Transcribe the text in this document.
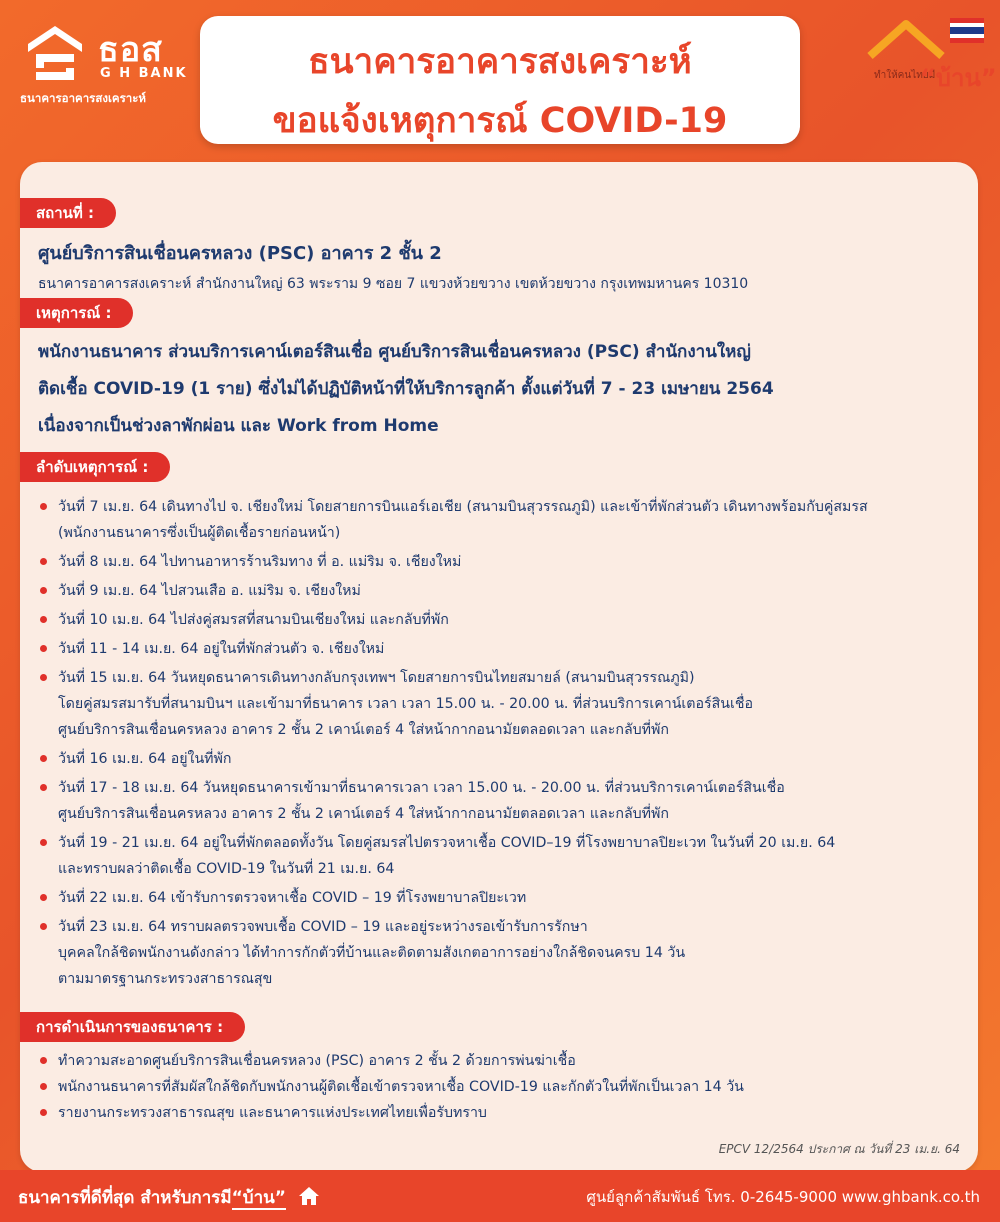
ธอส
G H BANK
ธนาคารอาคารสงเคราะห์
ธนาคารอาคารสงเคราะห์
ขอแจ้งเหตุการณ์ COVID-19
ทำให้คนไทยมี
“บ้าน”
สถานที่ :
ศูนย์บริการสินเชื่อนครหลวง (PSC) อาคาร 2 ชั้น 2
ธนาคารอาคารสงเคราะห์ สำนักงานใหญ่ 63 พระราม 9 ซอย 7 แขวงห้วยขวาง เขตห้วยขวาง กรุงเทพมหานคร 10310
เหตุการณ์ :
พนักงานธนาคาร ส่วนบริการเคาน์เตอร์สินเชื่อ ศูนย์บริการสินเชื่อนครหลวง (PSC) สำนักงานใหญ่
ติดเชื้อ COVID-19 (1 ราย) ซึ่งไม่ได้ปฏิบัติหน้าที่ให้บริการลูกค้า ตั้งแต่วันที่ 7 - 23 เมษายน 2564
เนื่องจากเป็นช่วงลาพักผ่อน และ Work from Home
ลำดับเหตุการณ์ :
วันที่ 7 เม.ย. 64 เดินทางไป จ. เชียงใหม่ โดยสายการบินแอร์เอเชีย (สนามบินสุวรรณภูมิ) และเข้าที่พักส่วนตัว เดินทางพร้อมกับคู่สมรส
(พนักงานธนาคารซึ่งเป็นผู้ติดเชื้อรายก่อนหน้า)
วันที่ 8 เม.ย. 64 ไปทานอาหารร้านริมทาง ที่ อ. แม่ริม จ. เชียงใหม่
วันที่ 9 เม.ย. 64 ไปสวนเสือ อ. แม่ริม จ. เชียงใหม่
วันที่ 10 เม.ย. 64 ไปส่งคู่สมรสที่สนามบินเชียงใหม่ และกลับที่พัก
วันที่ 11 - 14 เม.ย. 64 อยู่ในที่พักส่วนตัว จ. เชียงใหม่
วันที่ 15 เม.ย. 64 วันหยุดธนาคารเดินทางกลับกรุงเทพฯ โดยสายการบินไทยสมายล์ (สนามบินสุวรรณภูมิ)
โดยคู่สมรสมารับที่สนามบินฯ และเข้ามาที่ธนาคาร เวลา เวลา 15.00 น. - 20.00 น. ที่ส่วนบริการเคาน์เตอร์สินเชื่อ
ศูนย์บริการสินเชื่อนครหลวง อาคาร 2 ชั้น 2 เคาน์เตอร์ 4 ใส่หน้ากากอนามัยตลอดเวลา และกลับที่พัก
วันที่ 16 เม.ย. 64 อยู่ในที่พัก
วันที่ 17 - 18 เม.ย. 64 วันหยุดธนาคารเข้ามาที่ธนาคารเวลา เวลา 15.00 น. - 20.00 น. ที่ส่วนบริการเคาน์เตอร์สินเชื่อ
ศูนย์บริการสินเชื่อนครหลวง อาคาร 2 ชั้น 2 เคาน์เตอร์ 4 ใส่หน้ากากอนามัยตลอดเวลา และกลับที่พัก
วันที่ 19 - 21 เม.ย. 64 อยู่ในที่พักตลอดทั้งวัน โดยคู่สมรสไปตรวจหาเชื้อ COVID–19 ที่โรงพยาบาลปิยะเวท ในวันที่ 20 เม.ย. 64
และทราบผลว่าติดเชื้อ COVID-19 ในวันที่ 21 เม.ย. 64
วันที่ 22 เม.ย. 64 เข้ารับการตรวจหาเชื้อ COVID – 19 ที่โรงพยาบาลปิยะเวท
วันที่ 23 เม.ย. 64 ทราบผลตรวจพบเชื้อ COVID – 19 และอยู่ระหว่างรอเข้ารับการรักษา
บุคคลใกล้ชิดพนักงานดังกล่าว ได้ทำการกักตัวที่บ้านและติดตามสังเกตอาการอย่างใกล้ชิดจนครบ 14 วัน
ตามมาตรฐานกระทรวงสาธารณสุข
การดำเนินการของธนาคาร :
ทำความสะอาดศูนย์บริการสินเชื่อนครหลวง (PSC) อาคาร 2 ชั้น 2 ด้วยการพ่นฆ่าเชื้อ
พนักงานธนาคารที่สัมผัสใกล้ชิดกับพนักงานผู้ติดเชื้อเข้าตรวจหาเชื้อ COVID-19 และกักตัวในที่พักเป็นเวลา 14 วัน
รายงานกระทรวงสาธารณสุข และธนาคารแห่งประเทศไทยเพื่อรับทราบ
EPCV 12/2564 ประกาศ ณ วันที่ 23 เม.ย. 64
ธนาคารที่ดีที่สุด สำหรับการมี“บ้าน”	ศูนย์ลูกค้าสัมพันธ์ โทร. 0-2645-9000 www.ghbank.co.th
